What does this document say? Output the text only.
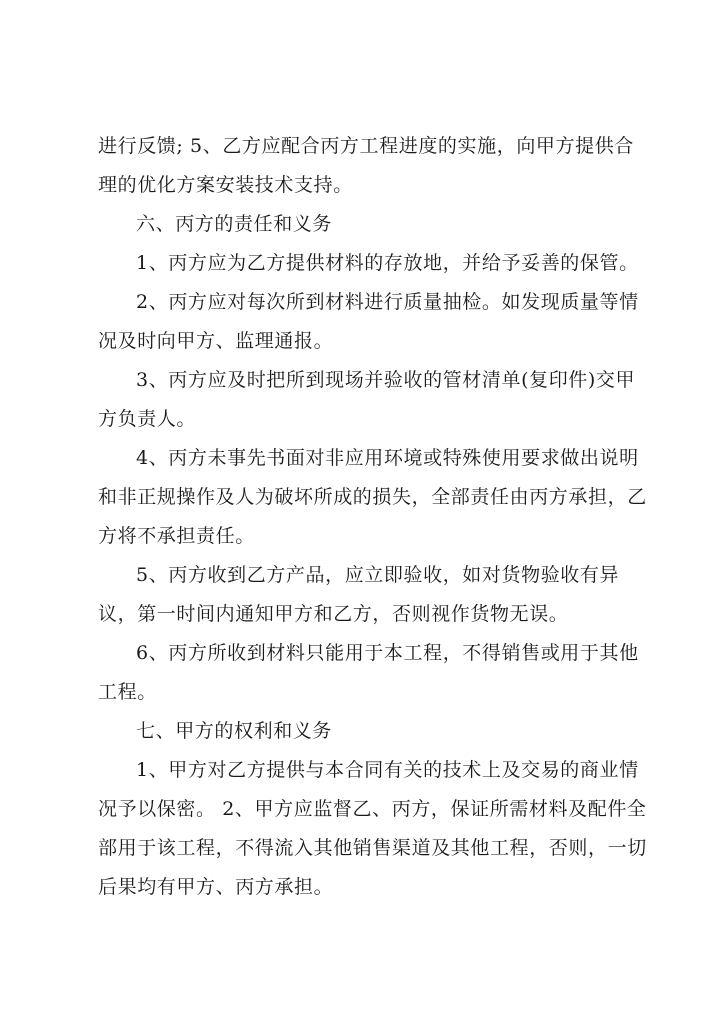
进行反馈; 5、乙方应配合丙方工程进度的实施，向甲方提供合
理的优化方案安装技术支持。
六、丙方的责任和义务
1、丙方应为乙方提供材料的存放地，并给予妥善的保管。
2、丙方应对每次所到材料进行质量抽检。如发现质量等情
况及时向甲方、监理通报。
3、丙方应及时把所到现场并验收的管材清单(复印件)交甲
方负责人。
4、丙方未事先书面对非应用环境或特殊使用要求做出说明
和非正规操作及人为破坏所成的损失，全部责任由丙方承担，乙
方将不承担责任。
5、丙方收到乙方产品，应立即验收，如对货物验收有异
议，第一时间内通知甲方和乙方，否则视作货物无误。
6、丙方所收到材料只能用于本工程，不得销售或用于其他
工程。
七、甲方的权利和义务
1、甲方对乙方提供与本合同有关的技术上及交易的商业情
况予以保密。 2、甲方应监督乙、丙方，保证所需材料及配件全
部用于该工程，不得流入其他销售渠道及其他工程，否则，一切
后果均有甲方、丙方承担。
